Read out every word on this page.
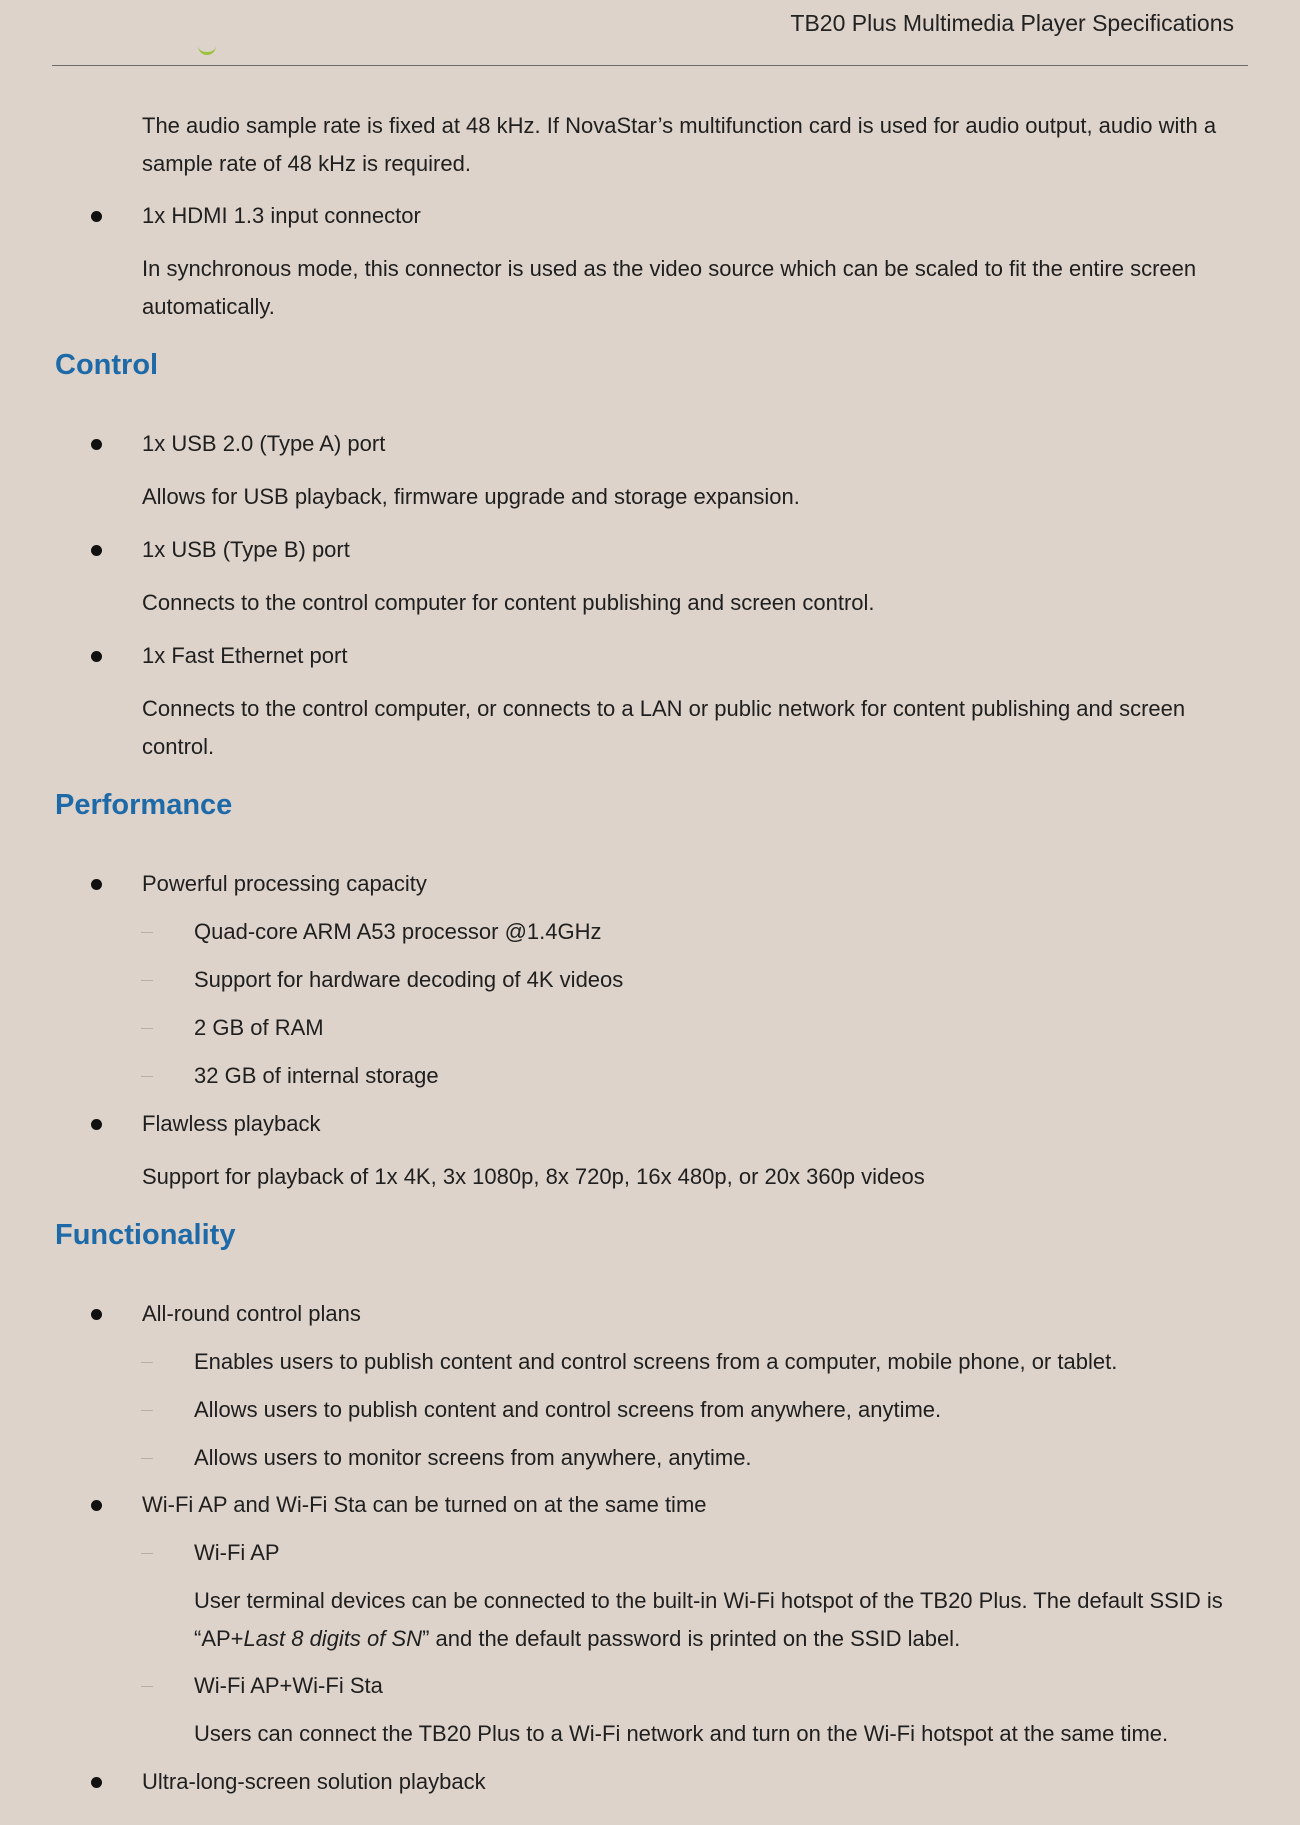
TB20 Plus Multimedia Player Specifications
The audio sample rate is fixed at 48 kHz. If NovaStar’s multifunction card is used for audio output, audio with a sample rate of 48 kHz is required.
1x HDMI 1.3 input connector
In synchronous mode, this connector is used as the video source which can be scaled to fit the entire screen automatically.
Control
1x USB 2.0 (Type A) port
Allows for USB playback, firmware upgrade and storage expansion.
1x USB (Type B) port
Connects to the control computer for content publishing and screen control.
1x Fast Ethernet port
Connects to the control computer, or connects to a LAN or public network for content publishing and screen control.
Performance
Powerful processing capacity
Quad-core ARM A53 processor @1.4GHz
Support for hardware decoding of 4K videos
2 GB of RAM
32 GB of internal storage
Flawless playback
Support for playback of 1x 4K, 3x 1080p, 8x 720p, 16x 480p, or 20x 360p videos
Functionality
All-round control plans
Enables users to publish content and control screens from a computer, mobile phone, or tablet.
Allows users to publish content and control screens from anywhere, anytime.
Allows users to monitor screens from anywhere, anytime.
Wi-Fi AP and Wi-Fi Sta can be turned on at the same time
Wi-Fi AP
User terminal devices can be connected to the built-in Wi-Fi hotspot of the TB20 Plus. The default SSID is “AP+Last 8 digits of SN” and the default password is printed on the SSID label.
Wi-Fi AP+Wi-Fi Sta
Users can connect the TB20 Plus to a Wi-Fi network and turn on the Wi-Fi hotspot at the same time.
Ultra-long-screen solution playback
